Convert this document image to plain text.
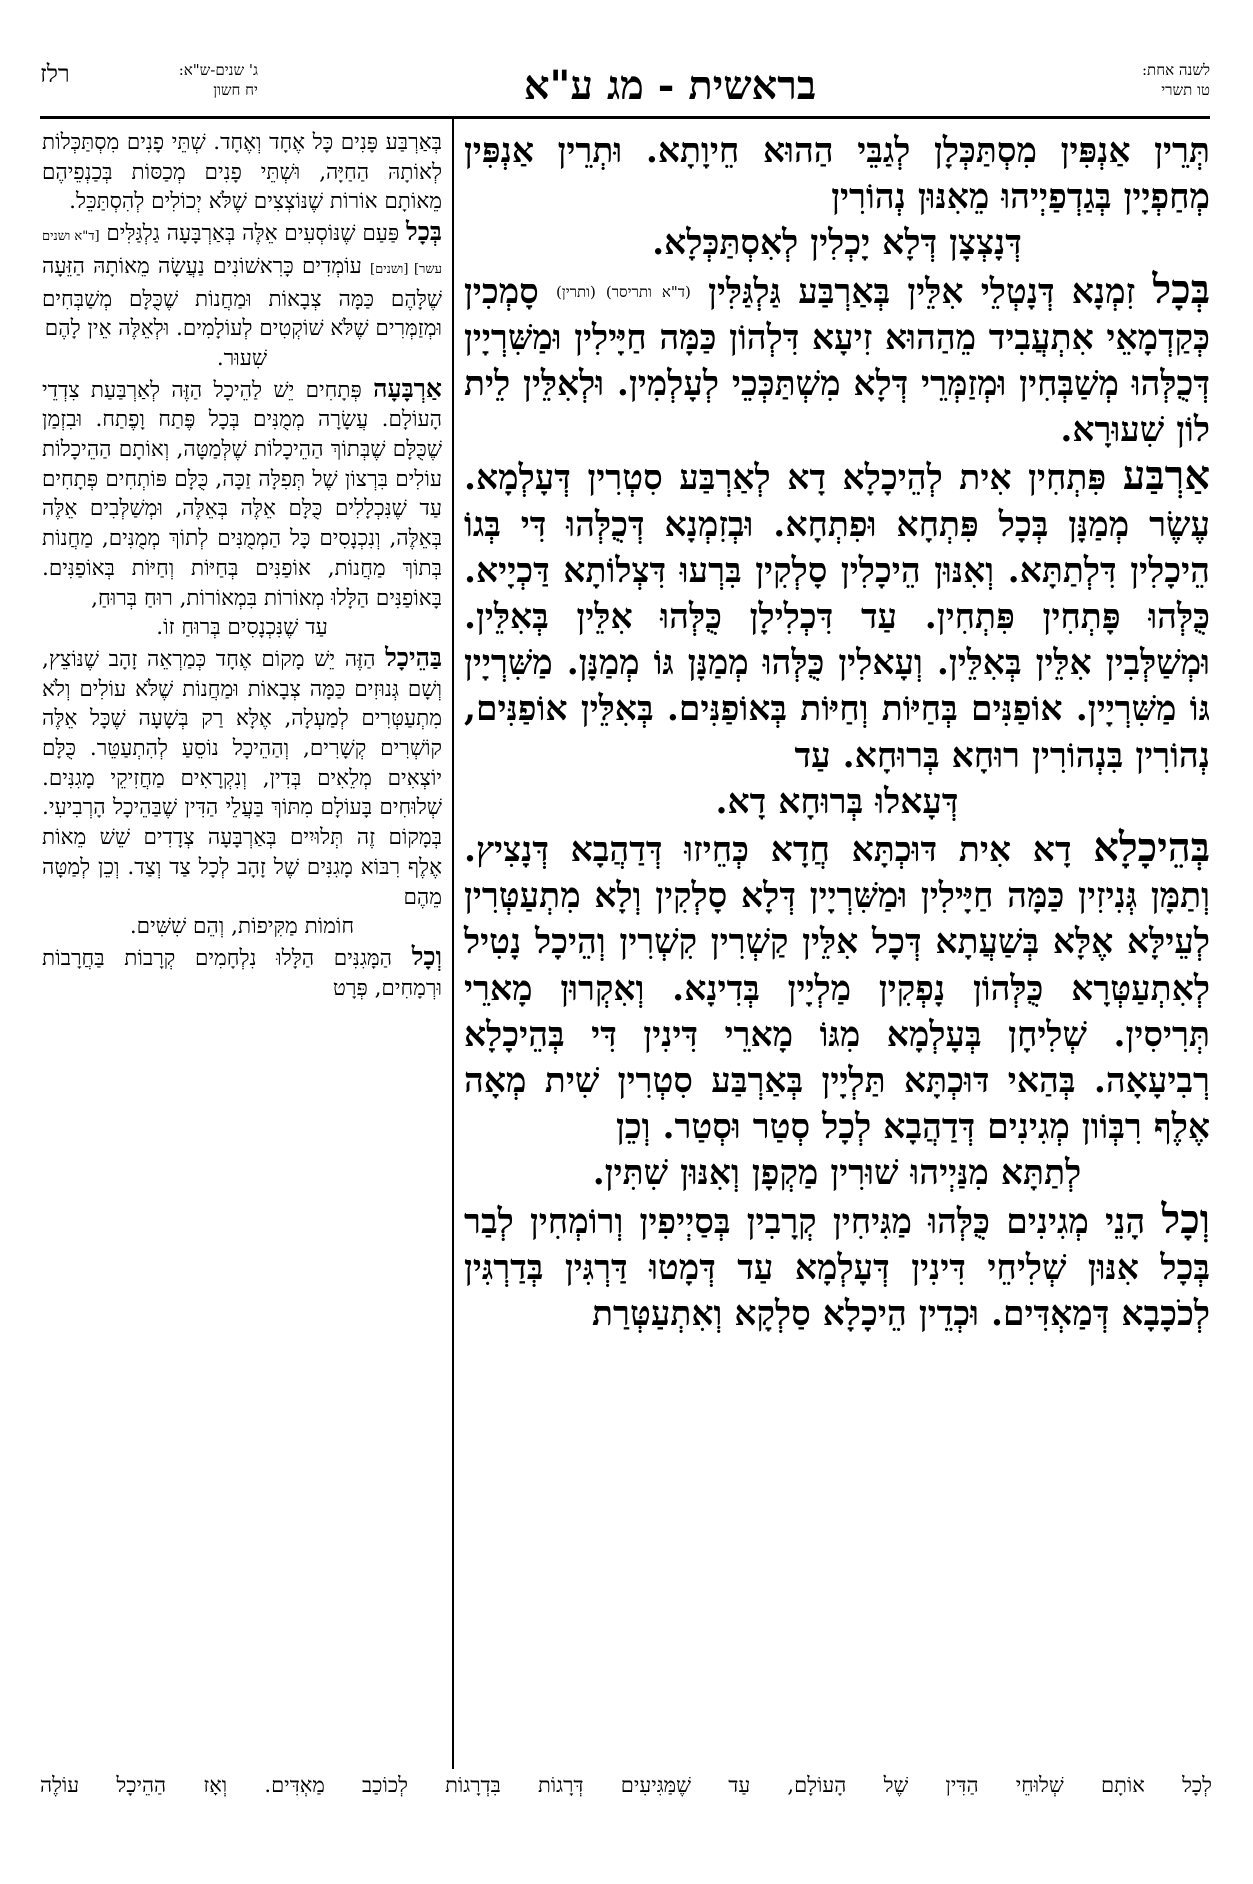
רלז	ג' שנים-ש"א:
יח חשון	בראשית - מג ע"א	לשנה אחת:
טו תשרי

תְּרֵין אַנְפִּין מִסְתַּכְּלָן לְגַבֵּי הַהוּא חֵיוָתָא. וּתְרֵין אַנְפִּין מְחַפְיָין בְּגַדְפַיְיהוּ מֵאִנּוּן נְהוֹרִין

דְּנָצְצָן דְּלָא יָכְלִין לְאִסְתַּכְּלָא.

בְּכָל זִמְנָא דְּנָטְלֵי אִלֵּין בְּאַרְבַּע גַּלְגַּלִּין (ד"א ותריסר) (ותרין) סָמְכִין כְּקַדְמָאֵי אִתְעֲבִיד מֵהַהוּא זִיעָא דִּלְהוֹן כַּמָּה חַיָּילִין וּמַשִּׁרְיָין דְּכֻלְּהוּ מְשַׁבְּחִין וּמְזַמְּרֵי דְּלָא מִשְׁתַּכְּכֵי לְעָלְמִין. וּלְאִלֵּין לֵית לוֹן שִׁעוּרָא.

אַרְבַּע פִּתְחִין אִית לְהֵיכָלָא דָא לְאַרְבַּע סִטְרִין דְּעָלְמָא. עֶשֶׂר מְמַנָּן בְּכָל פִּתְחָא וּפִתְחָא. וּבְזִמְנָא דְּכֻלְּהוּ דִּי בְּגוֹ הֵיכָלִין דִּלְתַתָּא. וְאִנּוּן הֵיכָלִין סָלְקִין בִּרְעוּ דִּצְלוֹתָא דַּכְיָיא. כֻּלְּהוּ פָּתְחִין פִּתְחִין. עַד דִּכְלִילָן כֻּלְּהוּ אִלֵּין בְּאִלֵּין. וּמְשַׁלְּבִין אִלֵּין בְּאִלֵּין. וְעָאלִין כֻּלְּהוּ מְמַנָּן גּוֹ מְמַנָּן. מַשִּׁרְיָין גּוֹ מַשִּׁרְיָין. אוֹפַנִּים בְּחַיּוֹת וְחַיּוֹת בְּאוֹפַנִּים. בְּאִלֵּין אוֹפַנִּים, נְהוֹרִין בִּנְהוֹרִין רוּחָא בְּרוּחָא. עַד

דְּעָאלוּ בְּרוּחָא דָא.

בְּהֵיכָלָא דָא אִית דּוּכְתָּא חֲדָא כְּחֵיזוּ דְּדַהֲבָא דְּנָצִיץ. וְתַמָּן גְּנִיזִין כַּמָּה חַיָּילִין וּמַשִּׁרְיָין דְּלָא סָלְקִין וְלָא מִתְעַטְּרִין לְעֵילָּא אֶלָּא בְּשַׁעֲתָא דְּכָל אִלֵּין קַשְׁרִין קִשְׁרִין וְהֵיכָל נָטִיל לְאִתְעַטְּרָא כֻּלְּהוֹן נָפְקִין מַלְיָין בְּדִינָא. וְאִקְרוּן מָארֵי תְּרִיסִין. שְׁלִיחָן בְּעָלְמָא מִגּוֹ מָארֵי דִּינִין דִּי בְּהֵיכָלָא רְבִיעָאָה. בְּהַאי דּוּכְתָּא תַּלְיָין בְּאַרְבַּע סִטְרִין שִׁית מְאָה אֶלֶף רִבְּוֹון מְגִינִים דְּדַהֲבָא לְכָל סְטַר וּסְטַר. וְכֵן

לְתַתָּא מִנַּיְיהוּ שׁוּרִין מַקְפָן וְאִנּוּן שִׁתִּין.

וְכָל הָנֵי מְגִינִים כֻּלְּהוּ מַגִּיחִין קְרָבִין בְּסַיְיפִין וְרוֹמְחִין לְבַר בְּכָל אִנּוּן שְׁלִיחֵי דִּינִין דְּעָלְמָא עַד דְּמָטוּ דַּרְגִּין בְּדַרְגִּין לְכֹכָבָא דְּמַאְדִּים. וּכְדֵין הֵיכָלָא סַלְקָא וְאִתְעַטְּרַת

בְּאַרְבַּע פָּנִים כָּל אֶחָד וְאֶחָד. שְׁתֵּי פָנִים מִסְתַּכְּלוֹת לְאוֹתָהּ הַחַיָּה, וּשְׁתֵּי פָנִים מְכַסּוֹת בְּכַנְפֵיהֶם מֵאוֹתָם אוֹרוֹת שֶׁנּוֹצְצִים שֶׁלֹּא יְכוֹלִים לְהִסְתַּכֵּל.

בְּכָל פַּעַם שֶׁנּוֹסְעִים אֵלֶּה בְּאַרְבָּעָה גַלְגַּלִּים [ד"א ושנים עשר] [ושנים] עוֹמְדִים כָּרִאשׁוֹנִים נַעֲשָׂה מֵאוֹתָהּ הַזֵּעָה שֶׁלָּהֶם כַּמָּה צְבָאוֹת וּמַחֲנוֹת שֶׁכֻּלָּם מְשַׁבְּחִים וּמְזַמְּרִים שֶׁלֹּא שׁוֹקְטִים לְעוֹלָמִים. וּלְאֵלֶּה אֵין לָהֶם

שִׁעוּר.

אַרְבָּעָה פְּתָחִים יֵשׁ לַהֵיכָל הַזֶּה לְאַרְבַּעַת צִדְדֵי הָעוֹלָם. עֲשָׂרָה מְמֻנִּים בְּכָל פֶּתַח וָפֶתַח. וּבִזְמַן שֶׁכֻּלָּם שֶׁבְּתוֹךְ הַהֵיכָלוֹת שֶׁלְּמַטָּה, וְאוֹתָם הַהֵיכָלוֹת עוֹלִים בִּרְצוֹן שֶׁל תְּפִלָּה זַכָּה, כֻּלָּם פּוֹתְחִים פְּתָחִים עַד שֶׁנִּכְלָלִים כֻּלָּם אֵלֶּה בְּאֵלֶּה, וּמְשַׁלְּבִים אֵלֶּה בְּאֵלֶּה, וְנִכְנָסִים כָּל הַמְמֻנִּים לְתוֹךְ מְמֻנִּים, מַחֲנוֹת בְּתוֹךְ מַחֲנוֹת, אוֹפַנִּים בְּחַיּוֹת וְחַיּוֹת בְּאוֹפַנִּים. בָּאוֹפַנִּים הַלָּלוּ מְאוֹרוֹת בִּמְאוֹרוֹת, רוּחַ בְּרוּחַ,

עַד שֶׁנִּכְנָסִים בְּרוּחַ זוֹ.

בַּהֵיכָל הַזֶּה יֵשׁ מָקוֹם אֶחָד כְּמַרְאֵה זָהָב שֶׁנּוֹצֵץ, וְשָׁם גְּנוּזִים כַּמָּה צְבָאוֹת וּמַחֲנוֹת שֶׁלֹּא עוֹלִים וְלֹא מִתְעַטְּרִים לְמַעְלָה, אֶלָּא רַק בְּשָׁעָה שֶׁכָּל אֵלֶּה קוֹשְׁרִים קְשָׁרִים, וְהַהֵיכָל נוֹסֵעַ לְהִתְעַטֵּר. כֻּלָּם יוֹצְאִים מְלֵאִים בְּדִין, וְנִקְרָאִים מַחֲזִיקֵי מָגִנִּים. שְׁלוּחִים בָּעוֹלָם מִתּוֹךְ בַּעֲלֵי הַדִּין שֶׁבַּהֵיכָל הָרְבִיעִי. בְּמָקוֹם זֶה תְּלוּיִים בְּאַרְבָּעָה צְדָדִים שֵׁשׁ מֵאוֹת אֶלֶף רִבּוֹא מָגִנִּים שֶׁל זָהָב לְכָל צַד וְצַד. וְכֵן לְמַטָּה מֵהֶם

חוֹמוֹת מַקִּיפוֹת, וְהֵם שִׁשִּׁים.

וְכָל הַמָּגִנִּים הַלָּלוּ נִלְחָמִים קְרָבוֹת בַּחֲרָבוֹת וּרְמָחִים, פְּרָט

לְכָל אוֹתָם שְׁלוּחֵי הַדִּין שֶׁל הָעוֹלָם, עַד שֶׁמַּגִּיעִים דְּרָגוֹת בִּדְרָגוֹת לְכוֹכַב מַאְדִּים. וְאָז הַהֵיכָל עוֹלֶה
